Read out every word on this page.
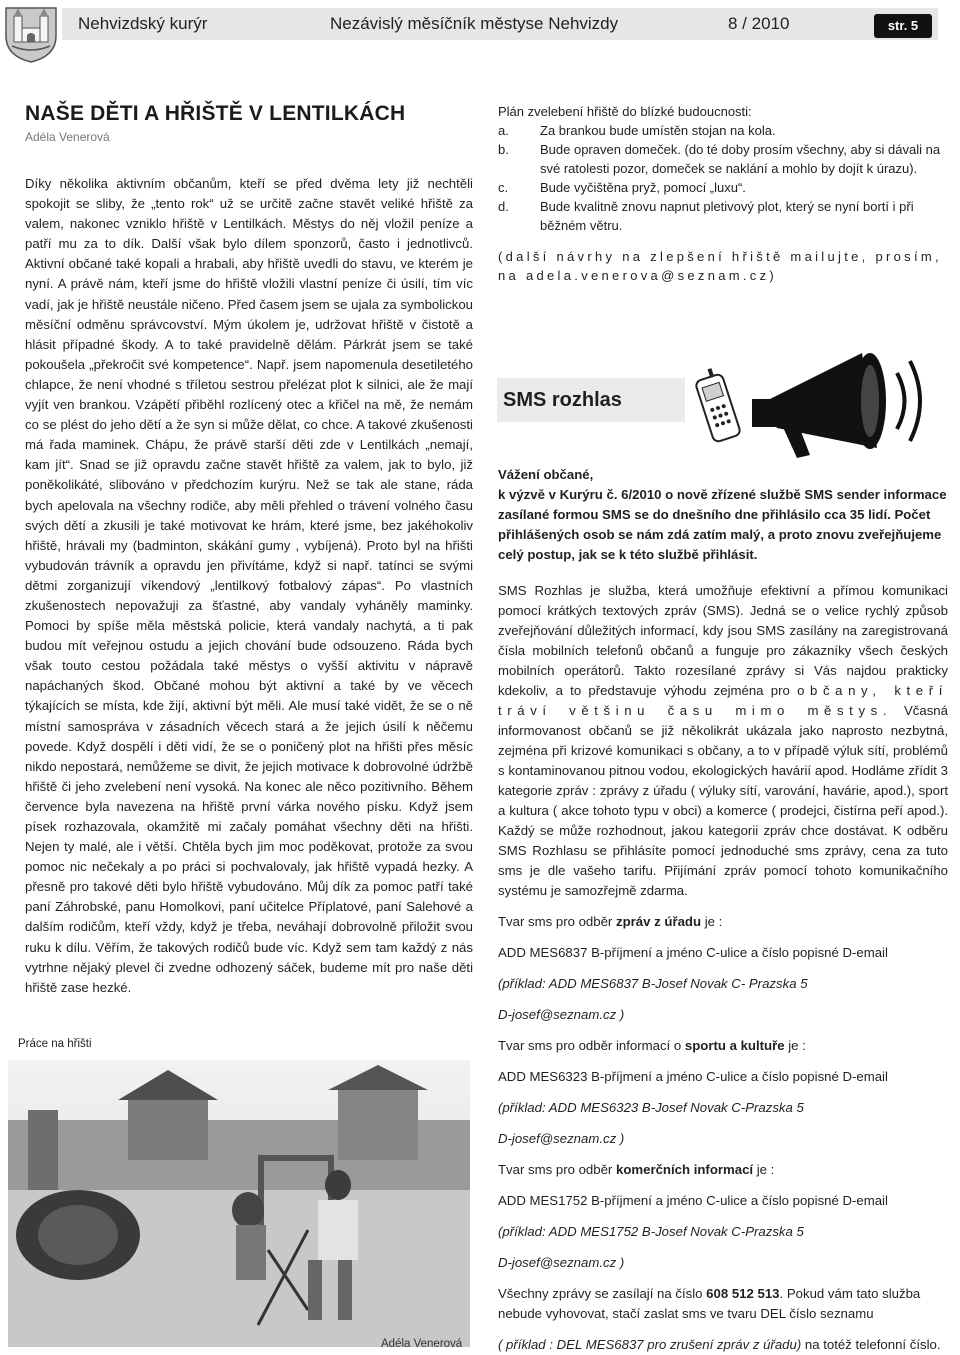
Nehvizdský kurýr	Nezávislý měsíčník městyse Nehvizdy	8 / 2010	str. 5
NAŠE DĚTI A HŘIŠTĚ V LENTILKÁCH
Adéla Venerová

Díky několika aktivním občanům, kteří se před dvěma lety již nechtěli spokojit se sliby, že „tento rok“ už se určitě začne stavět veliké hřiště za valem, nakonec vzniklo hřiště v Lentilkách. Městys do něj vložil peníze a patří mu za to dík. Další však bylo dílem sponzorů, často i jednotlivců. Aktivní občané také kopali a hrabali, aby hřiště uvedli do stavu, ve kterém je nyní. A právě nám, kteří jsme do hřiště vložili vlastní peníze či úsilí, tím víc vadí, jak je hřiště neustále ničeno. Před časem jsem se ujala za symbolickou měsíční odměnu správcovství. Mým úkolem je, udržovat hřiště v čistotě a hlásit případné škody. A to také pravidelně dělám. Párkrát jsem se také pokoušela „překročit své kompetence“. Např. jsem napomenula desetiletého chlapce, že není vhodné s tříletou sestrou přelézat plot k silnici, ale že mají vyjít ven brankou. Vzápětí přiběhl rozlícený otec a křičel na mě, že nemám co se plést do jeho dětí a že syn si může dělat, co chce. A takové zkušenosti má řada maminek. Chápu, že právě starší děti zde v Lentilkách „nemají, kam jít“. Snad se již opravdu začne stavět hřiště za valem, jak to bylo, již poněkolikáté, slibováno v předchozím kurýru. Než se tak ale stane, ráda bych apelovala na všechny rodiče, aby měli přehled o trávení volného času svých dětí a zkusili je také motivovat ke hrám, které jsme, bez jakéhokoliv hřiště, hrávali my (badminton, skákání gumy , vybíjená). Proto byl na hřišti vybudován trávník a opravdu jen přivítáme, když si např. tatínci se svými dětmi zorganizují víkendový „lentilkový fotbalový zápas“. Po vlastních zkušenostech nepovažuji za šťastné, aby vandaly vyháněly maminky. Pomoci by spíše měla městská policie, která vandaly nachytá, a ti pak budou mít veřejnou ostudu a jejich chování bude odsouzeno. Ráda bych však touto cestou požádala také městys o vyšší aktivitu v nápravě napáchaných škod. Občané mohou být aktivní a také by ve věcech týkajících se místa, kde žijí, aktivní být měli. Ale musí také vidět, že se o ně místní samospráva v zásadních věcech stará a že jejich úsilí k něčemu povede. Když dospělí i děti vidí, že se o poničený plot na hřišti přes měsíc nikdo nepostará, nemůžeme se divit, že jejich motivace k dobrovolné údržbě hřiště či jeho zvelebení není vysoká. Na konec ale něco pozitivního. Během července byla navezena na hřiště první várka nového písku. Když jsem písek rozhazovala, okamžitě mi začaly pomáhat všechny děti na hřišti. Nejen ty malé, ale i větší. Chtěla bych jim moc poděkovat, protože za svou pomoc nic nečekaly a po práci si pochvalovaly, jak hřiště vypadá hezky. A přesně pro takové děti bylo hřiště vybudováno. Můj dík za pomoc patří také paní Záhrobské, panu Homolkovi, paní učitelce Příplatové, paní Salehové a dalším rodičům, kteří vždy, když je třeba, neváhají dobrovolně přiložit svou ruku k dílu. Věřím, že takových rodičů bude víc. Když sem tam každý z nás vytrhne nějaký plevel či zvedne odhozený sáček, budeme mít pro naše děti hřiště zase hezké.

Práce na hřišti
Adéla Venerová
Plán zvelebení hřiště do blízké budoucnosti:
a.	Za brankou bude umístěn stojan na kola.
b.	Bude opraven domeček. (do té doby prosím všechny, aby si dávali na své ratolesti pozor, domeček se naklání a mohlo by dojít k úrazu).
c.	Bude vyčištěna pryž, pomocí „luxu“.
d.	Bude kvalitně znovu napnut pletivový plot, který se nyní bortí i při běžném větru.
(další návrhy na zlepšení hřiště mailujte, prosím, na adela.venerova@seznam.cz)
SMS rozhlas
Vážení občané,
k výzvě v Kurýru č. 6/2010 o nově zřízené službě SMS sender informace zasílané formou SMS se do dnešního dne přihlásilo cca 35 lidí. Počet přihlášených osob se nám zdá zatím malý, a proto znovu zveřejňujeme celý postup, jak se k této službě přihlásit.
SMS Rozhlas je služba, která umožňuje efektivní a přímou komunikaci pomocí krátkých textových zpráv (SMS). Jedná se o velice rychlý způsob zveřejňování důležitých informací, kdy jsou SMS zasílány na zaregistrovaná čísla mobilních telefonů občanů a funguje pro zákazníky všech českých mobilních operátorů. Takto rozesílané zprávy si Vás najdou prakticky kdekoliv, a to představuje výhodu zejména pro občany, kteří tráví většinu času mimo městys. Včasná informovanost občanů se již několikrát ukázala jako naprosto nezbytná, zejména při krizové komunikaci s občany, a to v případě výluk sítí, problémů s kontaminovanou pitnou vodou, ekologických havárií apod. Hodláme zřídit 3 kategorie zpráv : zprávy z úřadu ( výluky sítí, varování, havárie, apod.), sport a kultura ( akce tohoto typu v obci) a komerce ( prodejci, čistírna peří apod.). Každý se může rozhodnout, jakou kategorii zpráv chce dostávat. K odběru SMS Rozhlasu se přihlásíte pomocí jednoduché sms zprávy, cena za tuto sms je dle vašeho tarifu. Přijímání zpráv pomocí tohoto komunikačního systému je samozřejmě zdarma.
Tvar sms pro odběr zpráv z úřadu je :
ADD MES6837 B-příjmení a jméno C-ulice a číslo popisné D-email
(příklad: ADD MES6837 B-Josef Novak C- Prazska 5
D-josef@seznam.cz )
Tvar sms pro odběr informací o sportu a kultuře je :
ADD MES6323 B-příjmení a jméno C-ulice a číslo popisné D-email
(příklad: ADD MES6323 B-Josef Novak C-Prazska 5
D-josef@seznam.cz )
Tvar sms pro odběr komerčních informací je :
ADD MES1752 B-příjmení a jméno C-ulice a číslo popisné D-email
(příklad: ADD MES1752 B-Josef Novak C-Prazska 5
D-josef@seznam.cz )
Všechny zprávy se zasílají na číslo 608 512 513. Pokud vám tato služba nebude vyhovovat, stačí zaslat sms ve tvaru DEL číslo seznamu
( příklad : DEL MES6837 pro zrušení zpráv z úřadu) na totéž telefonní číslo.
